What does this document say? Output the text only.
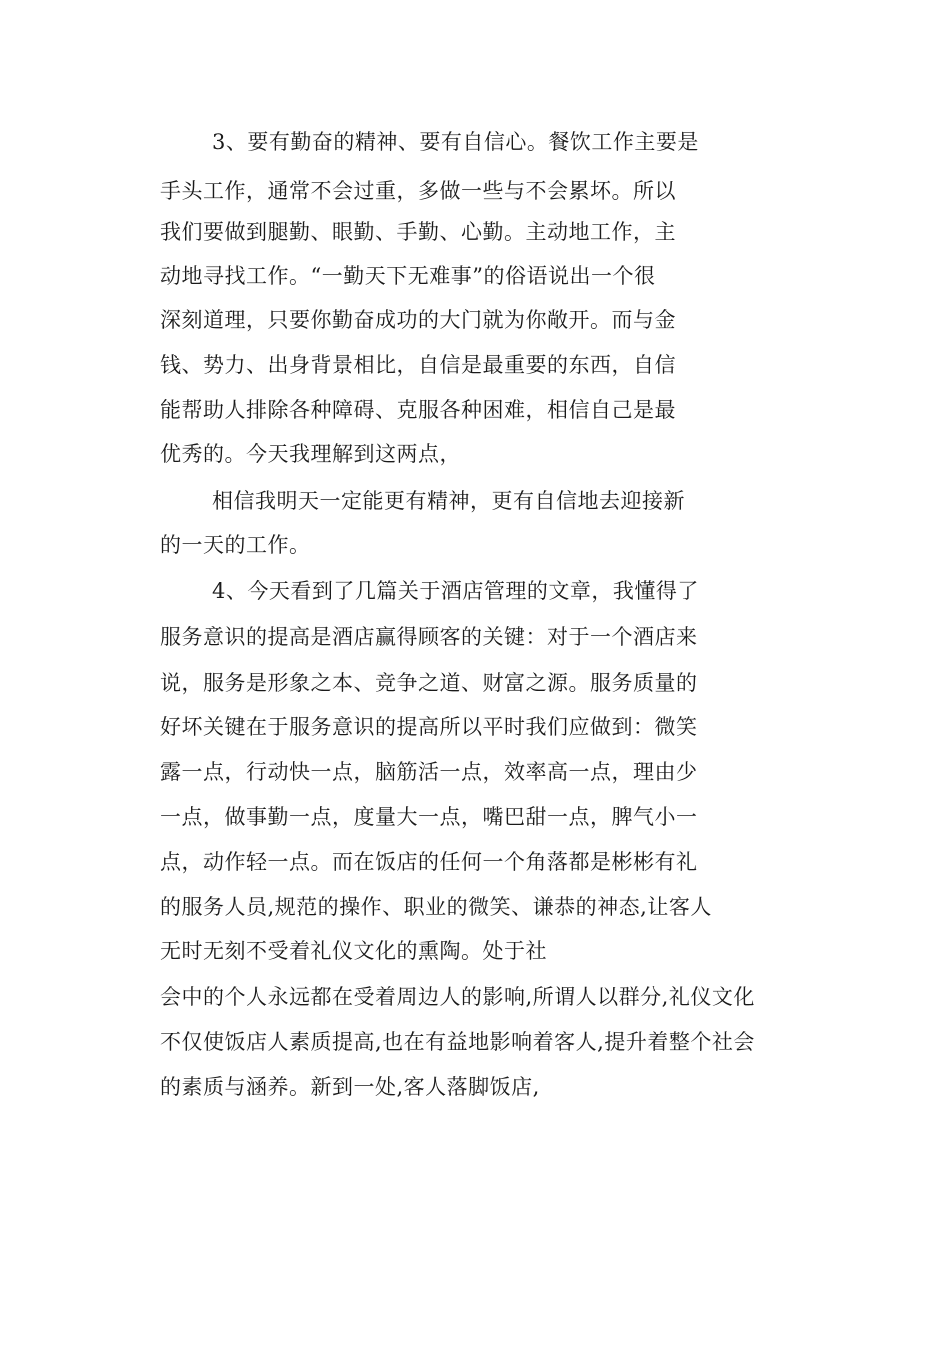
3、要有勤奋的精神、要有自信心。餐饮工作主要是
手头工作，通常不会过重，多做一些与不会累坏。所以
我们要做到腿勤、眼勤、手勤、心勤。主动地工作，主
动地寻找工作。“一勤天下无难事”的俗语说出一个很
深刻道理，只要你勤奋成功的大门就为你敞开。而与金
钱、势力、出身背景相比，自信是最重要的东西，自信
能帮助人排除各种障碍、克服各种困难，相信自己是最
优秀的。今天我理解到这两点，
相信我明天一定能更有精神，更有自信地去迎接新
的一天的工作。
4、今天看到了几篇关于酒店管理的文章，我懂得了
服务意识的提高是酒店赢得顾客的关键：对于一个酒店来
说，服务是形象之本、竞争之道、财富之源。服务质量的
好坏关键在于服务意识的提高所以平时我们应做到：微笑
露一点，行动快一点，脑筋活一点，效率高一点，理由少
一点，做事勤一点，度量大一点，嘴巴甜一点，脾气小一
点，动作轻一点。而在饭店的任何一个角落都是彬彬有礼
的服务人员,规范的操作、职业的微笑、谦恭的神态,让客人
无时无刻不受着礼仪文化的熏陶。处于社
会中的个人永远都在受着周边人的影响,所谓人以群分,礼仪文化
不仅使饭店人素质提高,也在有益地影响着客人,提升着整个社会
的素质与涵养。新到一处,客人落脚饭店,
